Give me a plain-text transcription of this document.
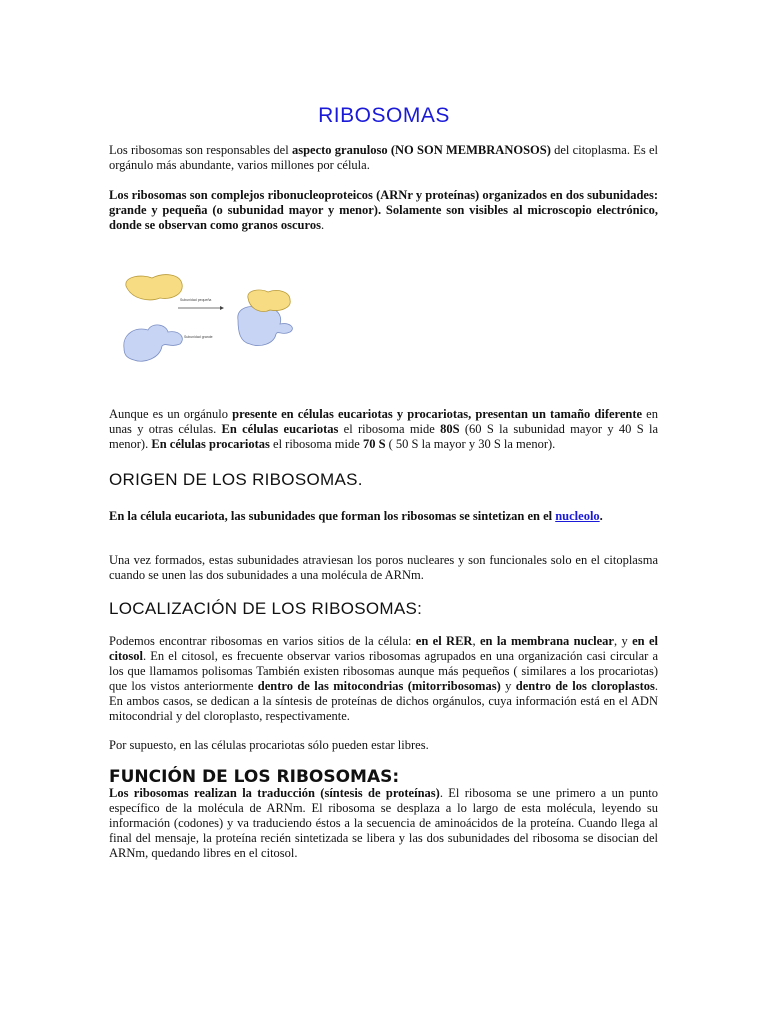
RIBOSOMAS

Los ribosomas son responsables del aspecto granuloso (NO SON MEMBRANOSOS) del citoplasma. Es el orgánulo más abundante, varios millones por célula.

Los ribosomas son complejos ribonucleoproteicos (ARNr y proteínas) organizados en dos subunidades: grande y pequeña (o subunidad mayor y menor). Solamente son visibles al microscopio electrónico, donde se observan como granos oscuros.

Subunidad pequeña
Subunidad grande

Aunque es un orgánulo presente en células eucariotas y procariotas, presentan un tamaño diferente en unas y otras células. En células eucariotas el ribosoma mide 80S (60 S la subunidad mayor y 40 S la menor). En células procariotas el ribosoma mide 70 S ( 50 S la mayor y 30 S la menor).

ORIGEN DE LOS RIBOSOMAS.

En la célula eucariota, las subunidades que forman los ribosomas se sintetizan en el nucleolo.

Una vez formados, estas subunidades atraviesan los poros nucleares y son funcionales solo en el citoplasma cuando se unen las dos subunidades a una molécula de ARNm.

LOCALIZACIÓN DE LOS RIBOSOMAS:

Podemos encontrar ribosomas en varios sitios de la célula: en el RER, en la membrana nuclear, y en el citosol. En el citosol, es frecuente observar varios ribosomas agrupados en una organización casi circular a los que llamamos polisomas También existen ribosomas aunque más pequeños ( similares a los procariotas) que los vistos anteriormente dentro de las mitocondrias (mitorribosomas) y dentro de los cloroplastos. En ambos casos, se dedican a la síntesis de proteínas de dichos orgánulos, cuya información está en el ADN mitocondrial y del cloroplasto, respectivamente.

Por supuesto, en las células procariotas sólo pueden estar libres.

FUNCIÓN DE LOS RIBOSOMAS:

Los ribosomas realizan la traducción (síntesis de proteínas). El ribosoma se une primero a un punto específico de la molécula de ARNm. El ribosoma se desplaza a lo largo de esta molécula, leyendo su información (codones) y va traduciendo éstos a la secuencia de aminoácidos de la proteína. Cuando llega al final del mensaje, la proteína recién sintetizada se libera y las dos subunidades del ribosoma se disocian del ARNm, quedando libres en el citosol.
